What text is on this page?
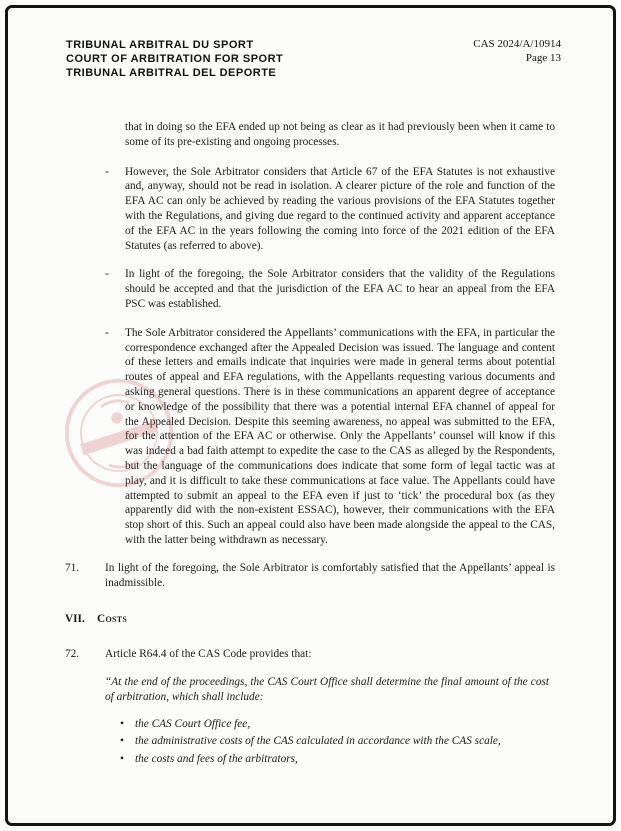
TRIBUNAL ARBITRAL DU SPORT
COURT OF ARBITRATION FOR SPORT
TRIBUNAL ARBITRAL DEL DEPORTE
CAS 2024/A/10914
Page 13

that in doing so the EFA ended up not being as clear as it had previously been when it came to some of its pre-existing and ongoing processes.

-	However, the Sole Arbitrator considers that Article 67 of the EFA Statutes is not exhaustive and, anyway, should not be read in isolation. A clearer picture of the role and function of the EFA AC can only be achieved by reading the various provisions of the EFA Statutes together with the Regulations, and giving due regard to the continued activity and apparent acceptance of the EFA AC in the years following the coming into force of the 2021 edition of the EFA Statutes (as referred to above).

-	In light of the foregoing, the Sole Arbitrator considers that the validity of the Regulations should be accepted and that the jurisdiction of the EFA AC to hear an appeal from the EFA PSC was established.

-	The Sole Arbitrator considered the Appellants’ communications with the EFA, in particular the correspondence exchanged after the Appealed Decision was issued. The language and content of these letters and emails indicate that inquiries were made in general terms about potential routes of appeal and EFA regulations, with the Appellants requesting various documents and asking general questions. There is in these communications an apparent degree of acceptance or knowledge of the possibility that there was a potential internal EFA channel of appeal for the Appealed Decision. Despite this seeming awareness, no appeal was submitted to the EFA, for the attention of the EFA AC or otherwise. Only the Appellants’ counsel will know if this was indeed a bad faith attempt to expedite the case to the CAS as alleged by the Respondents, but the language of the communications does indicate that some form of legal tactic was at play, and it is difficult to take these communications at face value. The Appellants could have attempted to submit an appeal to the EFA even if just to ‘tick’ the procedural box (as they apparently did with the non-existent ESSAC), however, their communications with the EFA stop short of this. Such an appeal could also have been made alongside the appeal to the CAS, with the latter being withdrawn as necessary.

71.	In light of the foregoing, the Sole Arbitrator is comfortably satisfied that the Appellants’ appeal is inadmissible.

VII.	Costs
72.	Article R64.4 of the CAS Code provides that:

“At the end of the proceedings, the CAS Court Office shall determine the final amount of the cost of arbitration, which shall include:

• the CAS Court Office fee,
• the administrative costs of the CAS calculated in accordance with the CAS scale,
• the costs and fees of the arbitrators,
